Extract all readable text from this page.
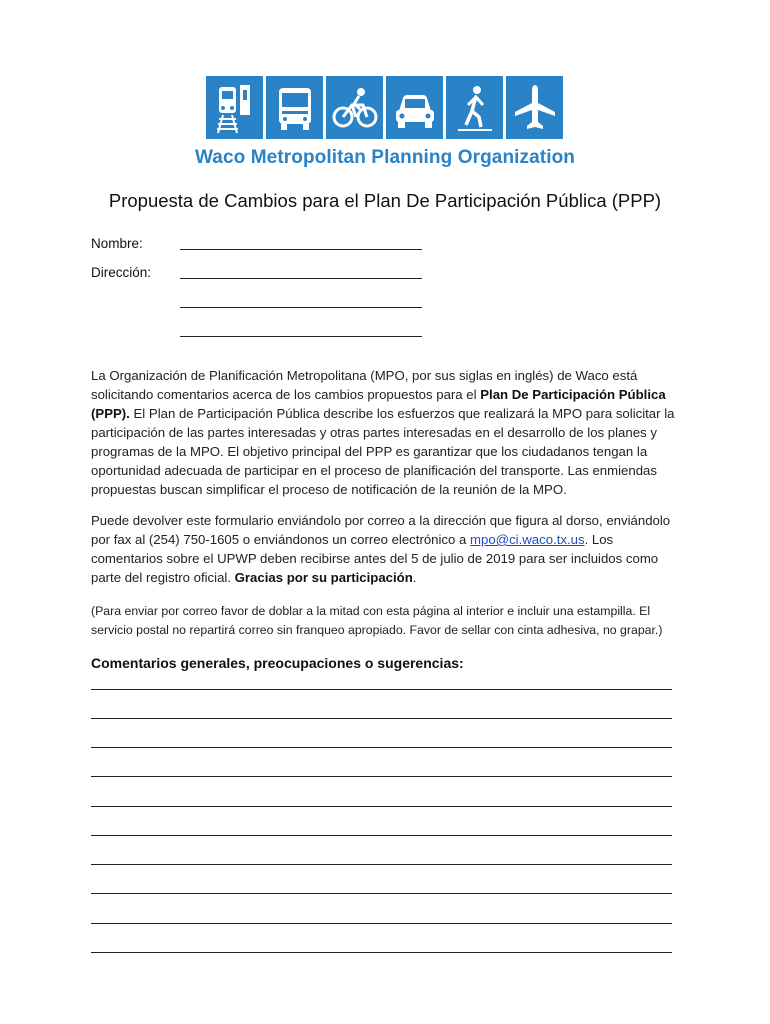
Waco Metropolitan Planning Organization
Propuesta de Cambios para el Plan De Participación Pública (PPP)
Nombre:
Dirección:
La Organización de Planificación Metropolitana (MPO, por sus siglas en inglés) de Waco está solicitando comentarios acerca de los cambios propuestos para el Plan De Participación Pública (PPP). El Plan de Participación Pública describe los esfuerzos que realizará la MPO para solicitar la participación de las partes interesadas y otras partes interesadas en el desarrollo de los planes y programas de la MPO. El objetivo principal del PPP es garantizar que los ciudadanos tengan la oportunidad adecuada de participar en el proceso de planificación del transporte. Las enmiendas propuestas buscan simplificar el proceso de notificación de la reunión de la MPO.
Puede devolver este formulario enviándolo por correo a la dirección que figura al dorso, enviándolo por fax al (254) 750-1605 o enviándonos un correo electrónico a mpo@ci.waco.tx.us. Los comentarios sobre el UPWP deben recibirse antes del 5 de julio de 2019 para ser incluidos como parte del registro oficial. Gracias por su participación.
(Para enviar por correo favor de doblar a la mitad con esta página al interior e incluir una estampilla. El servicio postal no repartirá correo sin franqueo apropiado. Favor de sellar con cinta adhesiva, no grapar.)
Comentarios generales, preocupaciones o sugerencias:
